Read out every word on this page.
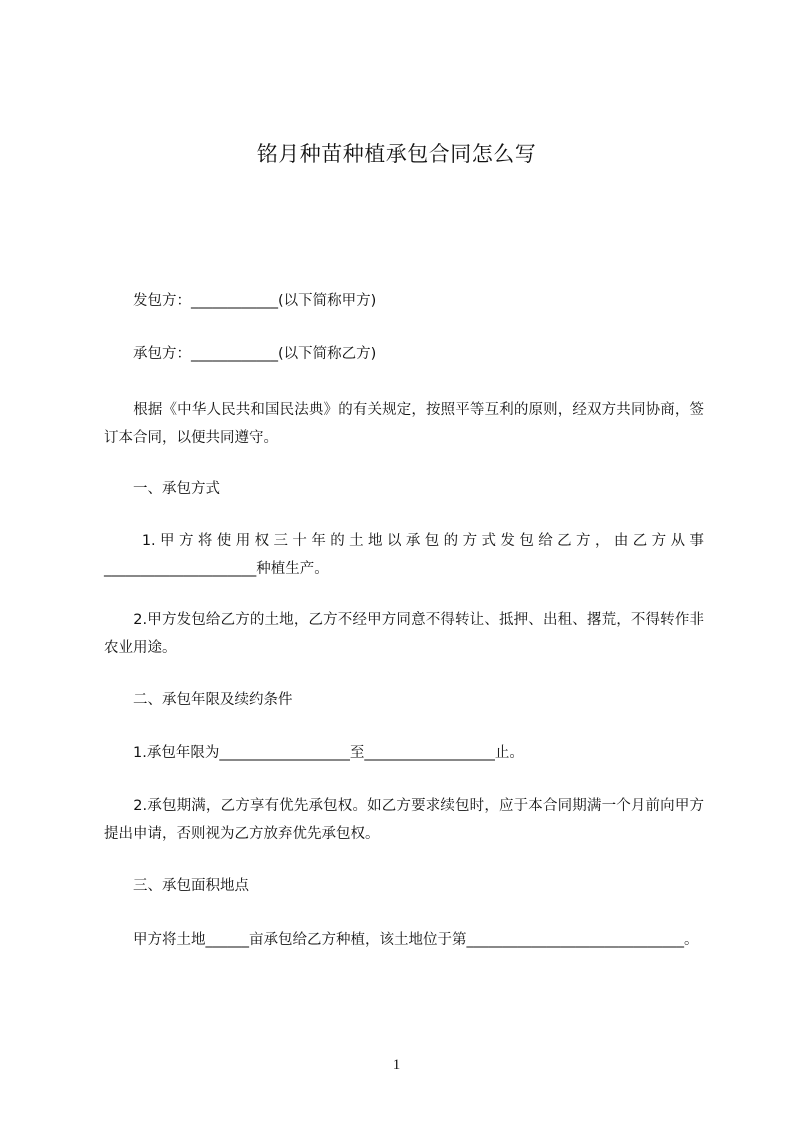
铭月种苗种植承包合同怎么写
　　发包方：____________(以下简称甲方)
　　承包方：____________(以下简称乙方)
　　根据《中华人民共和国民法典》的有关规定，按照平等互利的原则，经双方共同协商，签订本合同，以便共同遵守。
　　一、承包方式
　　1.甲方将使用权三十年的土地以承包的方式发包给乙方，由乙方从事_____________________种植生产。
　　2.甲方发包给乙方的土地，乙方不经甲方同意不得转让、抵押、出租、撂荒，不得转作非农业用途。
　　二、承包年限及续约条件
　　1.承包年限为__________________至__________________止。
　　2.承包期满，乙方享有优先承包权。如乙方要求续包时，应于本合同期满一个月前向甲方提出申请，否则视为乙方放弃优先承包权。
　　三、承包面积地点
　　甲方将土地______亩承包给乙方种植，该土地位于第______________________________。
1
